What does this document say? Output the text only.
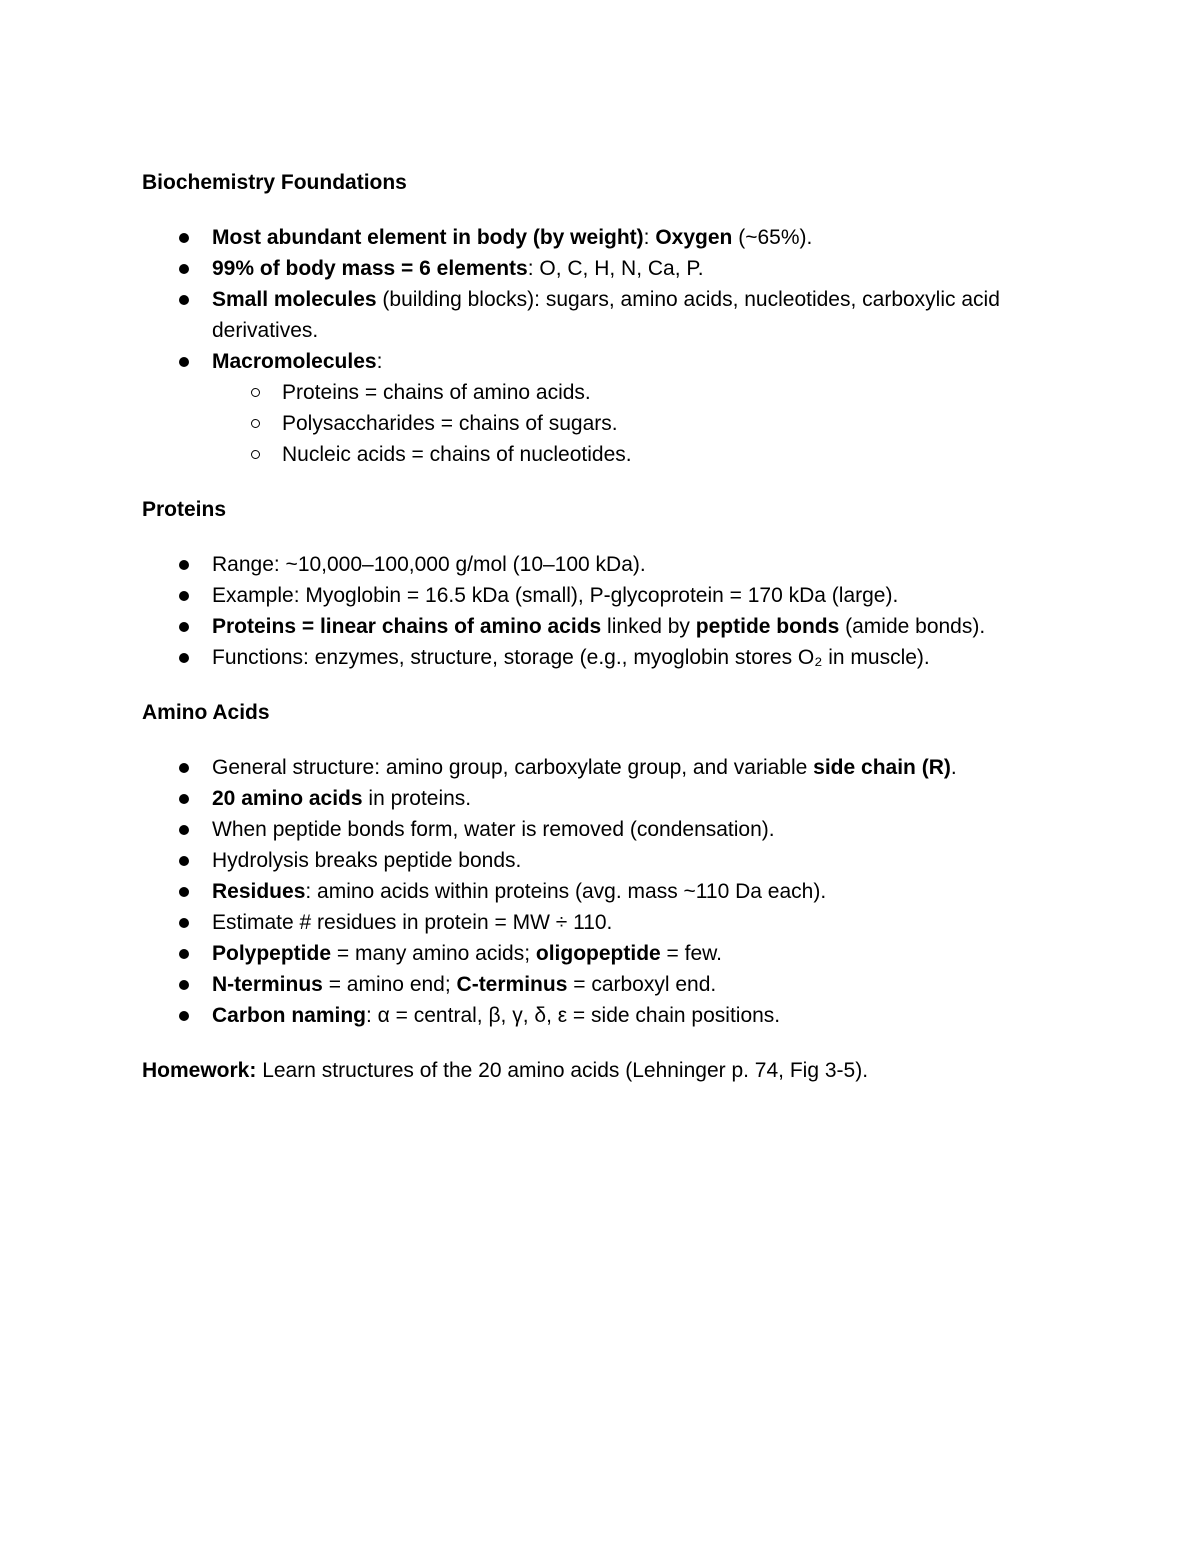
Biochemistry Foundations

Most abundant element in body (by weight): Oxygen (~65%).
99% of body mass = 6 elements: O, C, H, N, Ca, P.
Small molecules (building blocks): sugars, amino acids, nucleotides, carboxylic acid derivatives.
Macromolecules:
Proteins = chains of amino acids.
Polysaccharides = chains of sugars.
Nucleic acids = chains of nucleotides.

Proteins

Range: ~10,000–100,000 g/mol (10–100 kDa).
Example: Myoglobin = 16.5 kDa (small), P-glycoprotein = 170 kDa (large).
Proteins = linear chains of amino acids linked by peptide bonds (amide bonds).
Functions: enzymes, structure, storage (e.g., myoglobin stores O₂ in muscle).

Amino Acids

General structure: amino group, carboxylate group, and variable side chain (R).
20 amino acids in proteins.
When peptide bonds form, water is removed (condensation).
Hydrolysis breaks peptide bonds.
Residues: amino acids within proteins (avg. mass ~110 Da each).
Estimate # residues in protein = MW ÷ 110.
Polypeptide = many amino acids; oligopeptide = few.
N-terminus = amino end; C-terminus = carboxyl end.
Carbon naming: α = central, β, γ, δ, ε = side chain positions.

Homework: Learn structures of the 20 amino acids (Lehninger p. 74, Fig 3-5).
